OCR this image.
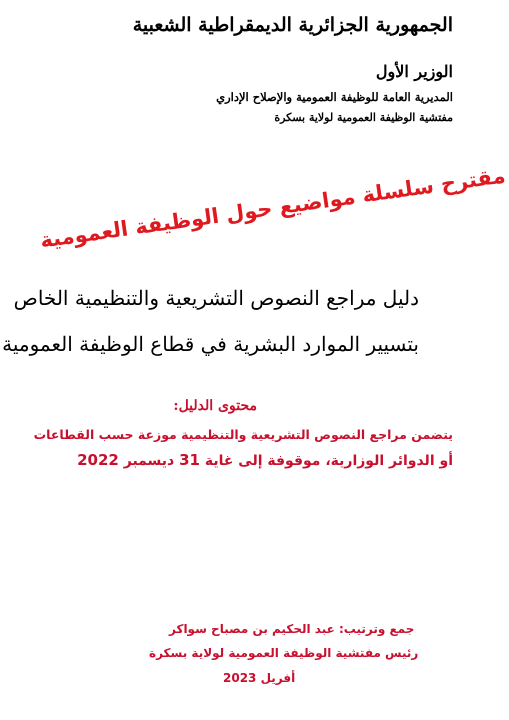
الجمهورية الجزائرية الديمقراطية الشعبية
الوزير الأول
المديرية العامة للوظيفة العمومية والإصلاح الإداري
مفتشية الوظيفة العمومية لولاية بسكرة
مقترح سلسلة مواضيع حول الوظيفة العمومية
دليل مراجع النصوص التشريعية والتنظيمية الخاص
بتسيير الموارد البشرية في قطاع الوظيفة العمومية
محتوى الدليل:
يتضمن مراجع النصوص التشريعية والتنظيمية موزعة حسب القطاعات
أو الدوائر الوزارية، موقوفة إلى غاية 31 ديسمبر 2022
جمع وترتيب: عبد الحكيم بن مصباح سواكر
رئيس مفتشية الوظيفة العمومية لولاية بسكرة
أفريل 2023
